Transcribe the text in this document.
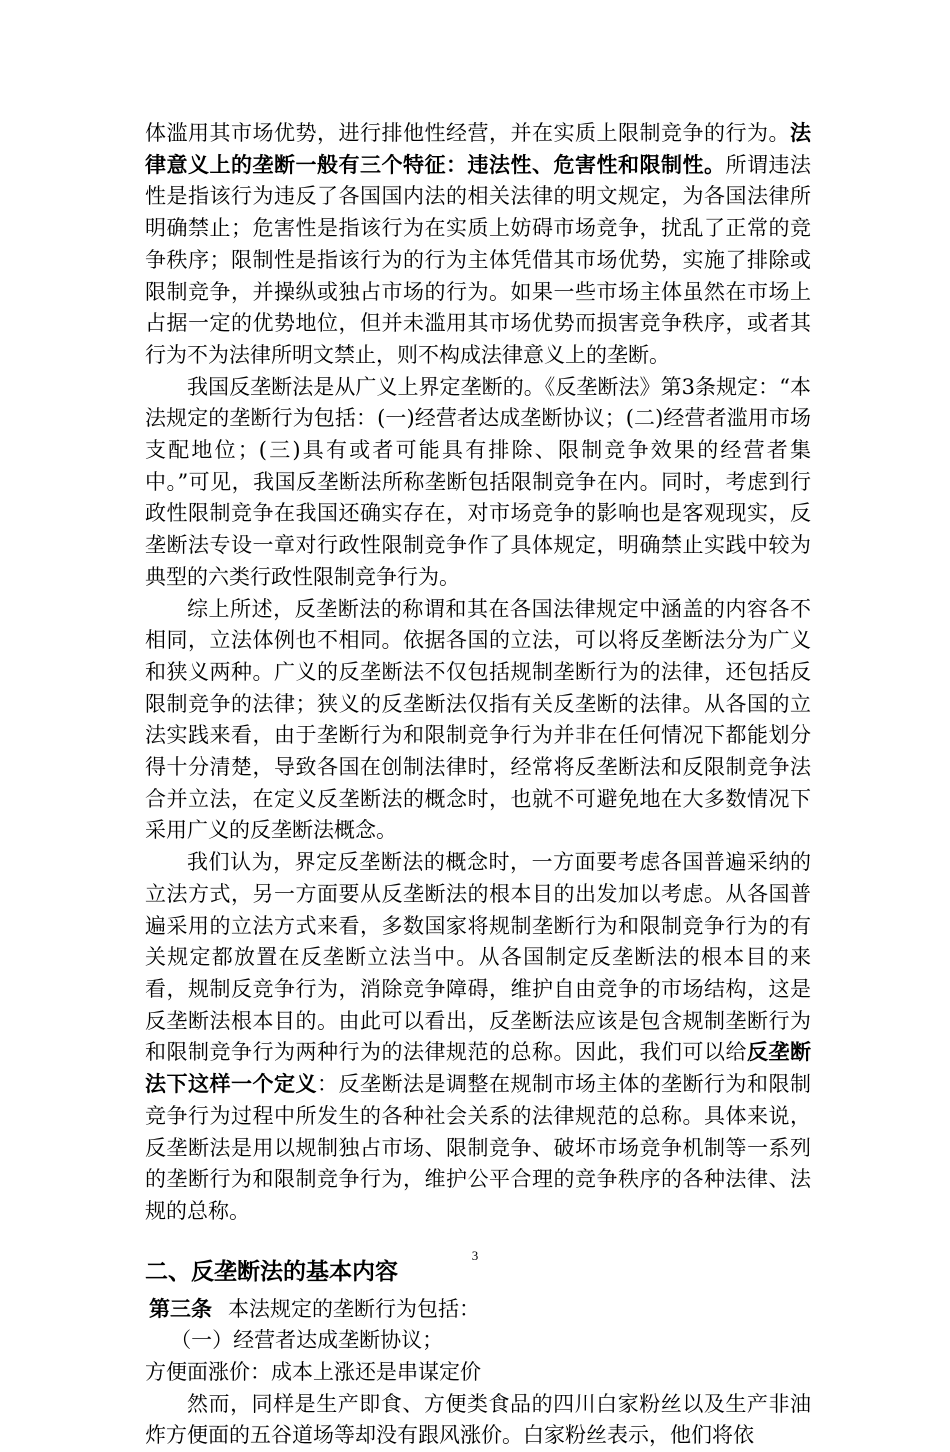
体滥用其市场优势，进行排他性经营，并在实质上限制竞争的行为。法律意义上的垄断一般有三个特征：违法性、危害性和限制性。所谓违法性是指该行为违反了各国国内法的相关法律的明文规定，为各国法律所明确禁止；危害性是指该行为在实质上妨碍市场竞争，扰乱了正常的竞争秩序；限制性是指该行为的行为主体凭借其市场优势，实施了排除或限制竞争，并操纵或独占市场的行为。如果一些市场主体虽然在市场上占据一定的优势地位，但并未滥用其市场优势而损害竞争秩序，或者其行为不为法律所明文禁止，则不构成法律意义上的垄断。

我国反垄断法是从广义上界定垄断的。《反垄断法》第3条规定：“本法规定的垄断行为包括：(一)经营者达成垄断协议；(二)经营者滥用市场支配地位；(三)具有或者可能具有排除、限制竞争效果的经营者集中。”可见，我国反垄断法所称垄断包括限制竞争在内。同时，考虑到行政性限制竞争在我国还确实存在，对市场竞争的影响也是客观现实，反垄断法专设一章对行政性限制竞争作了具体规定，明确禁止实践中较为典型的六类行政性限制竞争行为。

综上所述，反垄断法的称谓和其在各国法律规定中涵盖的内容各不相同，立法体例也不相同。依据各国的立法，可以将反垄断法分为广义和狭义两种。广义的反垄断法不仅包括规制垄断行为的法律，还包括反限制竞争的法律；狭义的反垄断法仅指有关反垄断的法律。从各国的立法实践来看，由于垄断行为和限制竞争行为并非在任何情况下都能划分得十分清楚，导致各国在创制法律时，经常将反垄断法和反限制竞争法合并立法，在定义反垄断法的概念时，也就不可避免地在大多数情况下采用广义的反垄断法概念。

我们认为，界定反垄断法的概念时，一方面要考虑各国普遍采纳的立法方式，另一方面要从反垄断法的根本目的出发加以考虑。从各国普遍采用的立法方式来看，多数国家将规制垄断行为和限制竞争行为的有关规定都放置在反垄断立法当中。从各国制定反垄断法的根本目的来看，规制反竞争行为，消除竞争障碍，维护自由竞争的市场结构，这是反垄断法根本目的。由此可以看出，反垄断法应该是包含规制垄断行为和限制竞争行为两种行为的法律规范的总称。因此，我们可以给反垄断法下这样一个定义：反垄断法是调整在规制市场主体的垄断行为和限制竞争行为过程中所发生的各种社会关系的法律规范的总称。具体来说，反垄断法是用以规制独占市场、限制竞争、破坏市场竞争机制等一系列的垄断行为和限制竞争行为，维护公平合理的竞争秩序的各种法律、法规的总称。

二、反垄断法的基本内容

第三条 本法规定的垄断行为包括：

（一）经营者达成垄断协议；

方便面涨价：成本上涨还是串谋定价

然而，同样是生产即食、方便类食品的四川白家粉丝以及生产非油炸方便面的五谷道场等却没有跟风涨价。白家粉丝表示，他们将依

3
